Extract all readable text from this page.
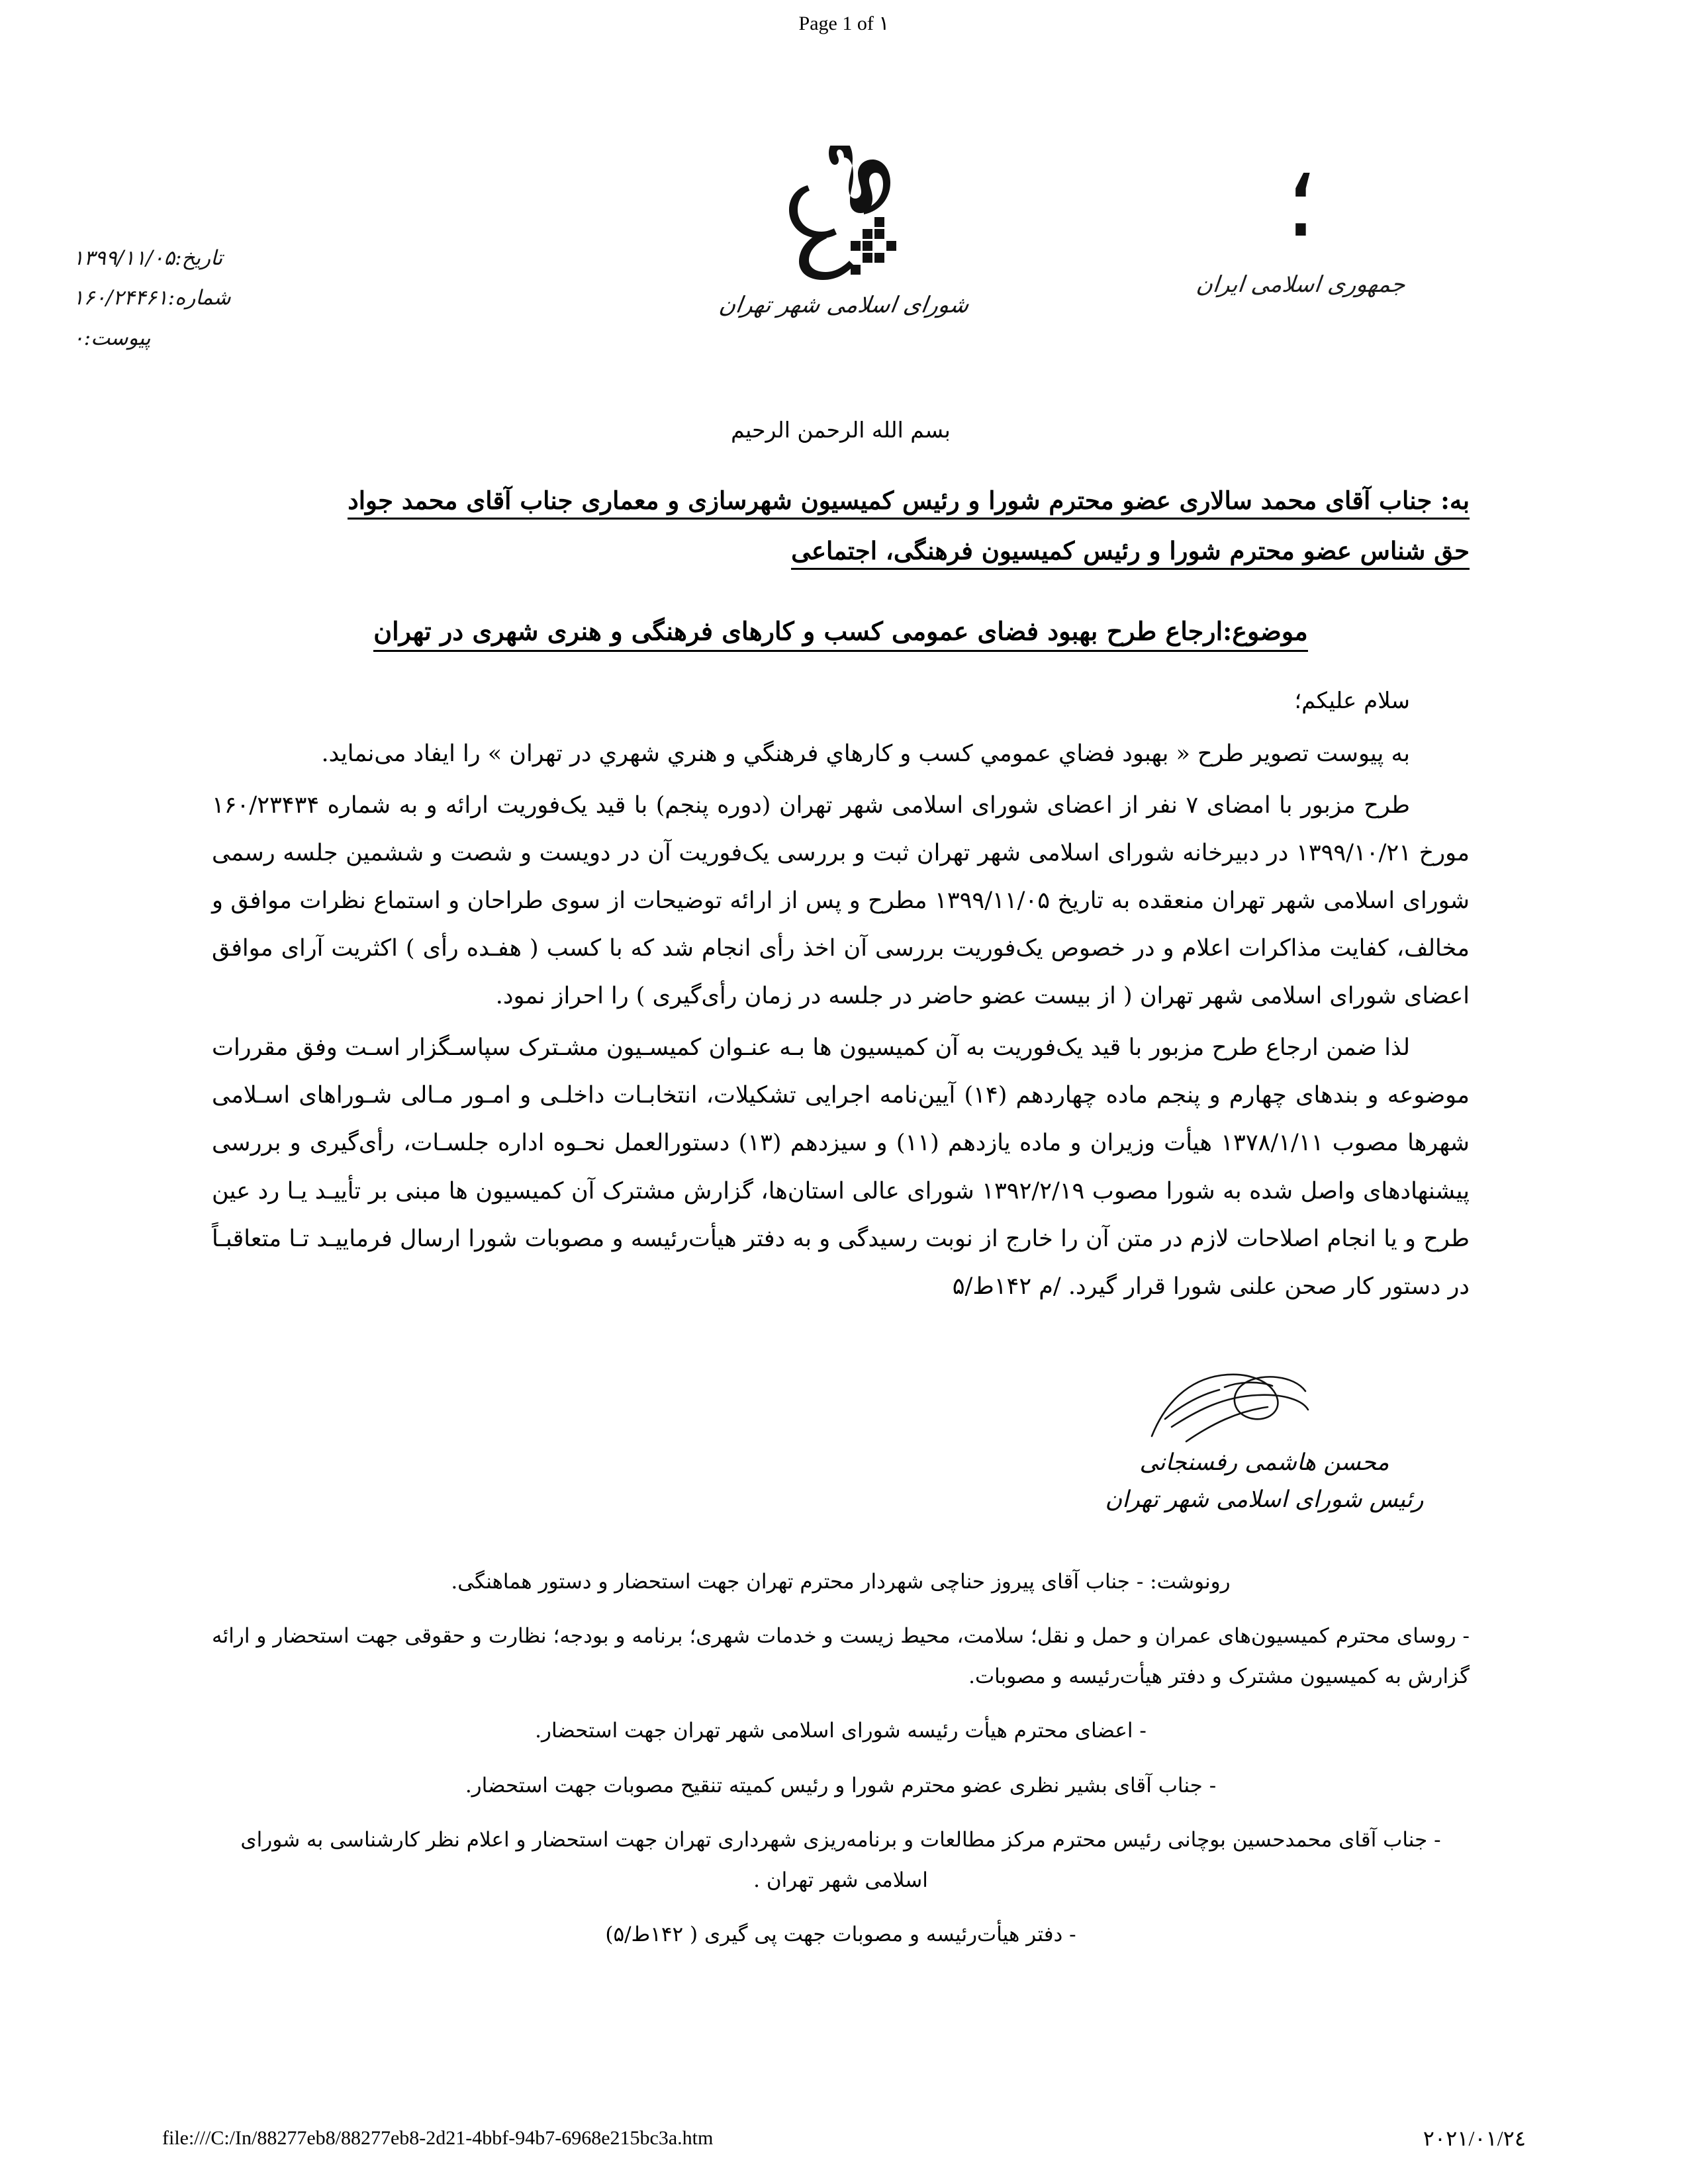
Page 1 of ١
؛
جمهوری اسلامی ایران
شورای اسلامی شهر تهران
تاریخ:۱۳۹۹/۱۱/۰۵
شماره:۱۶۰/۲۴۴۶۱
پیوست:۰
بسم الله الرحمن الرحیم
به: جناب آقای محمد سالاری عضو محترم شورا و رئیس کمیسیون شهرسازی و معماری جناب آقای محمد جواد
حق شناس عضو محترم شورا و رئیس کمیسیون فرهنگی، اجتماعی
موضوع:ارجاع طرح بهبود فضای عمومی کسب و کارهای فرهنگی و هنری شهری در تهران
سلام علیکم؛

به پیوست تصویر طرح « بهبود فضاي عمومي کسب و کارهاي فرهنگي و هنري شهري در تهران » را ایفاد می‌نماید.

طرح مزبور با امضای ۷ نفر از اعضای شورای اسلامی شهر تهران (دوره پنجم) با قید یک‌فوریت ارائه و به شماره ۱۶۰/۲۳۴۳۴ مورخ ۱۳۹۹/۱۰/۲۱ در دبیرخانه شورای اسلامی شهر تهران ثبت و بررسی یک‌فوریت آن در دویست و شصت و ششمین جلسه رسمی شورای اسلامی شهر تهران منعقده به تاریخ ۱۳۹۹/۱۱/۰۵ مطرح و پس از ارائه توضیحات از سوی طراحان و استماع نظرات موافق و مخالف، کفایت مذاکرات اعلام و در خصوص یک‌فوریت بررسی آن اخذ رأی انجام شد که با کسب ( هفـده رأی ) اکثریت آرای موافق اعضای شورای اسلامی شهر تهران ( از بیست عضو حاضر در جلسه در زمان رأی‌گیری ) را احراز نمود.

لذا ضمن ارجاع طرح مزبور با قید یک‌فوریت به آن کمیسیون ها بـه عنـوان کمیسـیون مشـترک سپاسـگزار اسـت وفق مقررات موضوعه و بندهای چهارم و پنجم ماده چهاردهم (۱۴) آیین‌نامه اجرایی تشکیلات، انتخابـات داخلـی و امـور مـالی شـوراهای اسـلامی شهرها مصوب ۱۳۷۸/۱/۱۱ هیأت وزیران و ماده یازدهم (۱۱) و سیزدهم (۱۳) دستورالعمل نحـوه اداره جلسـات، رأی‌گیری و بررسی پیشنهادهای واصل شده به شورا مصوب ۱۳۹۲/۲/۱۹ شورای عالی استان‌ها، گزارش مشترک آن کمیسیون ها مبنی بر تأییـد یـا رد عین طرح و یا انجام اصلاحات لازم در متن آن را خارج از نوبت رسیدگی و به دفتر هیأت‌رئیسه و مصوبات شورا ارسال فرماییـد تـا متعاقبـاً در دستور کار صحن علنی شورا قرار گیرد. /م ۱۴۲ط/۵

محسن هاشمی رفسنجانی
رئیس شورای اسلامی شهر تهران
رونوشت: - جناب آقای پیروز حناچی شهردار محترم تهران جهت استحضار و دستور هماهنگی.
- روسای محترم کمیسیون‌های عمران و حمل و نقل؛ سلامت، محیط زیست و خدمات شهری؛ برنامه و بودجه؛ نظارت و حقوقی جهت استحضار و ارائه گزارش به کمیسیون مشترک و دفتر هیأت‌رئیسه و مصوبات.
- اعضای محترم هیأت رئیسه شورای اسلامی شهر تهران جهت استحضار.
- جناب آقای بشیر نظری عضو محترم شورا و رئیس کمیته تنقیح مصوبات جهت استحضار.
- جناب آقای محمدحسین بوچانی رئیس محترم مرکز مطالعات و برنامه‌ریزی شهرداری تهران جهت استحضار و اعلام نظر کارشناسی به شورای اسلامی شهر تهران .
- دفتر هیأت‌رئیسه و مصوبات جهت پی گیری ( ۱۴۲ط/۵)
file:///C:/In/88277eb8/88277eb8-2d21-4bbf-94b7-6968e215bc3a.htm	٢٠٢١/٠١/٢٤
